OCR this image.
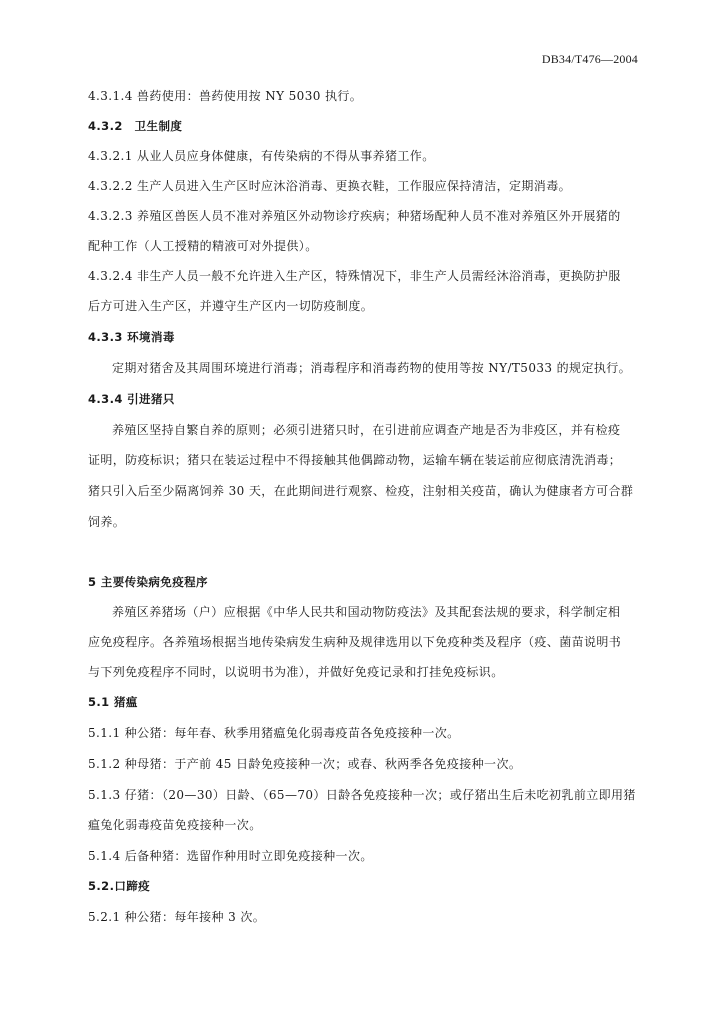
DB34/T476—2004
4.3.1.4 兽药使用：兽药使用按 NY 5030 执行。
4.3.2　卫生制度
4.3.2.1 从业人员应身体健康，有传染病的不得从事养猪工作。
4.3.2.2 生产人员进入生产区时应沐浴消毒、更换衣鞋，工作服应保持清洁，定期消毒。
4.3.2.3 养殖区兽医人员不准对养殖区外动物诊疗疾病；种猪场配种人员不准对养殖区外开展猪的
配种工作（人工授精的精液可对外提供）。
4.3.2.4 非生产人员一般不允许进入生产区，特殊情况下，非生产人员需经沐浴消毒，更换防护服
后方可进入生产区，并遵守生产区内一切防疫制度。
4.3.3 环境消毒
定期对猪舍及其周围环境进行消毒；消毒程序和消毒药物的使用等按 NY/T5033 的规定执行。
4.3.4 引进猪只
养殖区坚持自繁自养的原则；必须引进猪只时，在引进前应调查产地是否为非疫区，并有检疫
证明，防疫标识；猪只在装运过程中不得接触其他偶蹄动物，运输车辆在装运前应彻底清洗消毒；
猪只引入后至少隔离饲养 30 天，在此期间进行观察、检疫，注射相关疫苗，确认为健康者方可合群
饲养。
5 主要传染病免疫程序
养殖区养猪场（户）应根据《中华人民共和国动物防疫法》及其配套法规的要求，科学制定相
应免疫程序。各养殖场根据当地传染病发生病种及规律选用以下免疫种类及程序（疫、菌苗说明书
与下列免疫程序不同时，以说明书为准），并做好免疫记录和打挂免疫标识。
5.1 猪瘟
5.1.1 种公猪：每年春、秋季用猪瘟兔化弱毒疫苗各免疫接种一次。
5.1.2 种母猪：于产前 45 日龄免疫接种一次；或春、秋两季各免疫接种一次。
5.1.3 仔猪：（20—30）日龄、（65—70）日龄各免疫接种一次；或仔猪出生后未吃初乳前立即用猪
瘟兔化弱毒疫苗免疫接种一次。
5.1.4 后备种猪：选留作种用时立即免疫接种一次。
5.2.口蹄疫
5.2.1 种公猪：每年接种 3 次。
